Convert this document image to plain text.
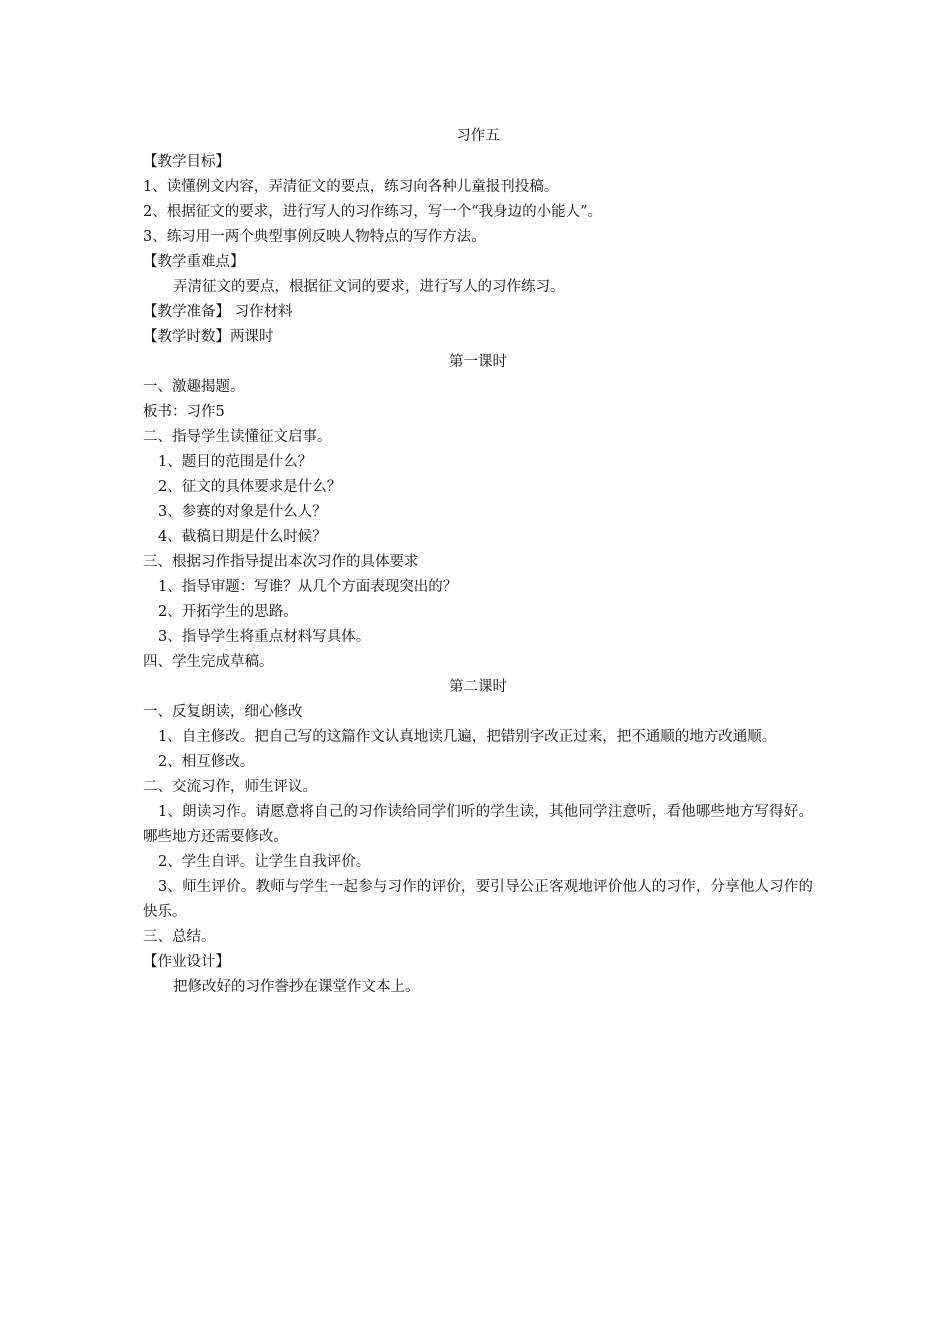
习作五
【教学目标】
1、读懂例文内容，弄清征文的要点，练习向各种儿童报刊投稿。
2、根据征文的要求，进行写人的习作练习，写一个“我身边的小能人”。
3、练习用一两个典型事例反映人物特点的写作方法。
【教学重难点】
弄清征文的要点，根据征文词的要求，进行写人的习作练习。
【教学准备】 习作材料
【教学时数】两课时
第一课时
一、激趣揭题。
板书：习作5
二、指导学生读懂征文启事。
1、题目的范围是什么？
2、征文的具体要求是什么？
3、参赛的对象是什么人？
4、截稿日期是什么时候？
三、根据习作指导提出本次习作的具体要求
1、指导审题：写谁？从几个方面表现突出的？
2、开拓学生的思路。
3、指导学生将重点材料写具体。
四、学生完成草稿。
第二课时
一、反复朗读，细心修改
1、自主修改。把自己写的这篇作文认真地读几遍，把错别字改正过来，把不通顺的地方改通顺。
2、相互修改。
二、交流习作，师生评议。
1、朗读习作。请愿意将自己的习作读给同学们听的学生读，其他同学注意听，看他哪些地方写得好。哪些地方还需要修改。
2、学生自评。让学生自我评价。
3、师生评价。教师与学生一起参与习作的评价，要引导公正客观地评价他人的习作，分享他人习作的快乐。
三、总结。
【作业设计】
把修改好的习作誊抄在课堂作文本上。
